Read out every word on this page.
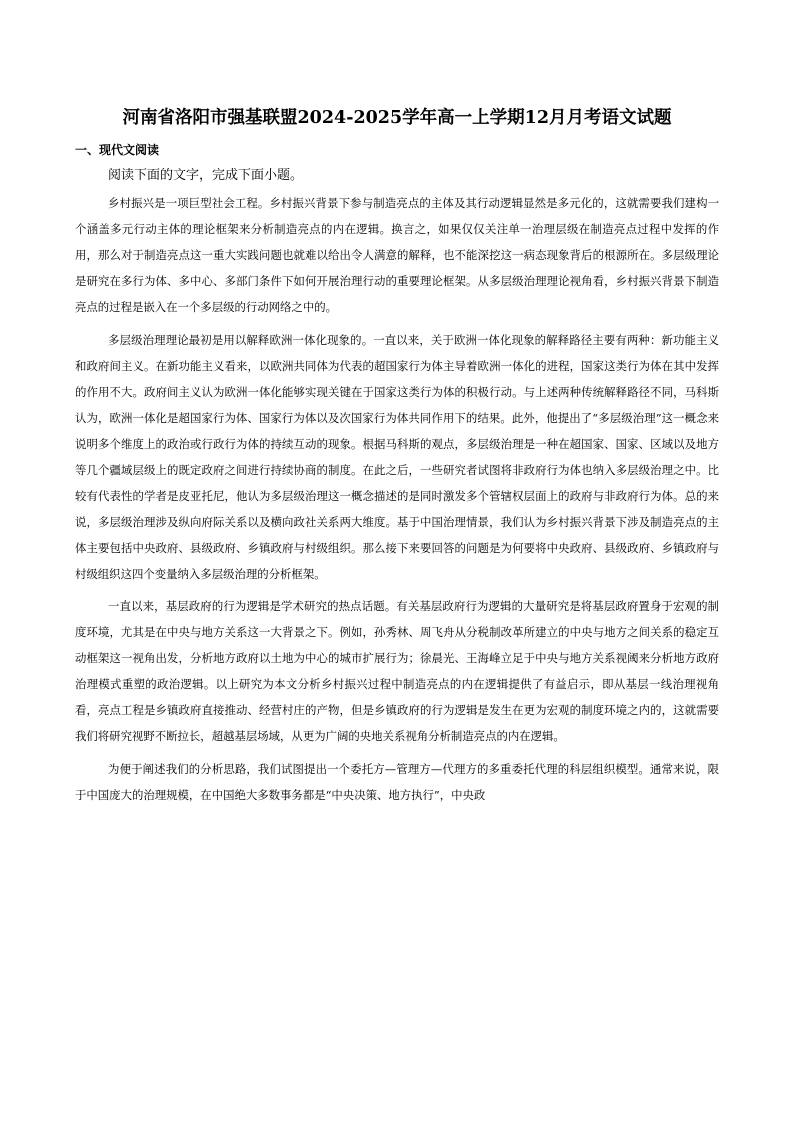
河南省洛阳市强基联盟2024-2025学年高一上学期12月月考语文试题
一、现代文阅读
阅读下面的文字，完成下面小题。

乡村振兴是一项巨型社会工程。乡村振兴背景下参与制造亮点的主体及其行动逻辑显然是多元化的，这就需要我们建构一个涵盖多元行动主体的理论框架来分析制造亮点的内在逻辑。换言之，如果仅仅关注单一治理层级在制造亮点过程中发挥的作用，那么对于制造亮点这一重大实践问题也就难以给出令人满意的解释，也不能深挖这一病态现象背后的根源所在。多层级理论是研究在多行为体、多中心、多部门条件下如何开展治理行动的重要理论框架。从多层级治理理论视角看，乡村振兴背景下制造亮点的过程是嵌入在一个多层级的行动网络之中的。

多层级治理理论最初是用以解释欧洲一体化现象的。一直以来，关于欧洲一体化现象的解释路径主要有两种：新功能主义和政府间主义。在新功能主义看来，以欧洲共同体为代表的超国家行为体主导着欧洲一体化的进程，国家这类行为体在其中发挥的作用不大。政府间主义认为欧洲一体化能够实现关键在于国家这类行为体的积极行动。与上述两种传统解释路径不同，马科斯认为，欧洲一体化是超国家行为体、国家行为体以及次国家行为体共同作用下的结果。此外，他提出了“多层级治理”这一概念来说明多个维度上的政治或行政行为体的持续互动的现象。根据马科斯的观点，多层级治理是一种在超国家、国家、区域以及地方等几个疆域层级上的既定政府之间进行持续协商的制度。在此之后，一些研究者试图将非政府行为体也纳入多层级治理之中。比较有代表性的学者是皮亚托尼，他认为多层级治理这一概念描述的是同时激发多个管辖权层面上的政府与非政府行为体。总的来说，多层级治理涉及纵向府际关系以及横向政社关系两大维度。基于中国治理情景，我们认为乡村振兴背景下涉及制造亮点的主体主要包括中央政府、县级政府、乡镇政府与村级组织。那么接下来要回答的问题是为何要将中央政府、县级政府、乡镇政府与村级组织这四个变量纳入多层级治理的分析框架。

一直以来，基层政府的行为逻辑是学术研究的热点话题。有关基层政府行为逻辑的大量研究是将基层政府置身于宏观的制度环境，尤其是在中央与地方关系这一大背景之下。例如，孙秀林、周飞舟从分税制改革所建立的中央与地方之间关系的稳定互动框架这一视角出发，分析地方政府以土地为中心的城市扩展行为；徐晨光、王海峰立足于中央与地方关系视阈来分析地方政府治理模式重塑的政治逻辑。以上研究为本文分析乡村振兴过程中制造亮点的内在逻辑提供了有益启示，即从基层一线治理视角看，亮点工程是乡镇政府直接推动、经营村庄的产物，但是乡镇政府的行为逻辑是发生在更为宏观的制度环境之内的，这就需要我们将研究视野不断拉长，超越基层场域，从更为广阔的央地关系视角分析制造亮点的内在逻辑。

为便于阐述我们的分析思路，我们试图提出一个委托方—管理方—代理方的多重委托代理的科层组织模型。通常来说，限于中国庞大的治理规模，在中国绝大多数事务都是“中央决策、地方执行”，中央政
